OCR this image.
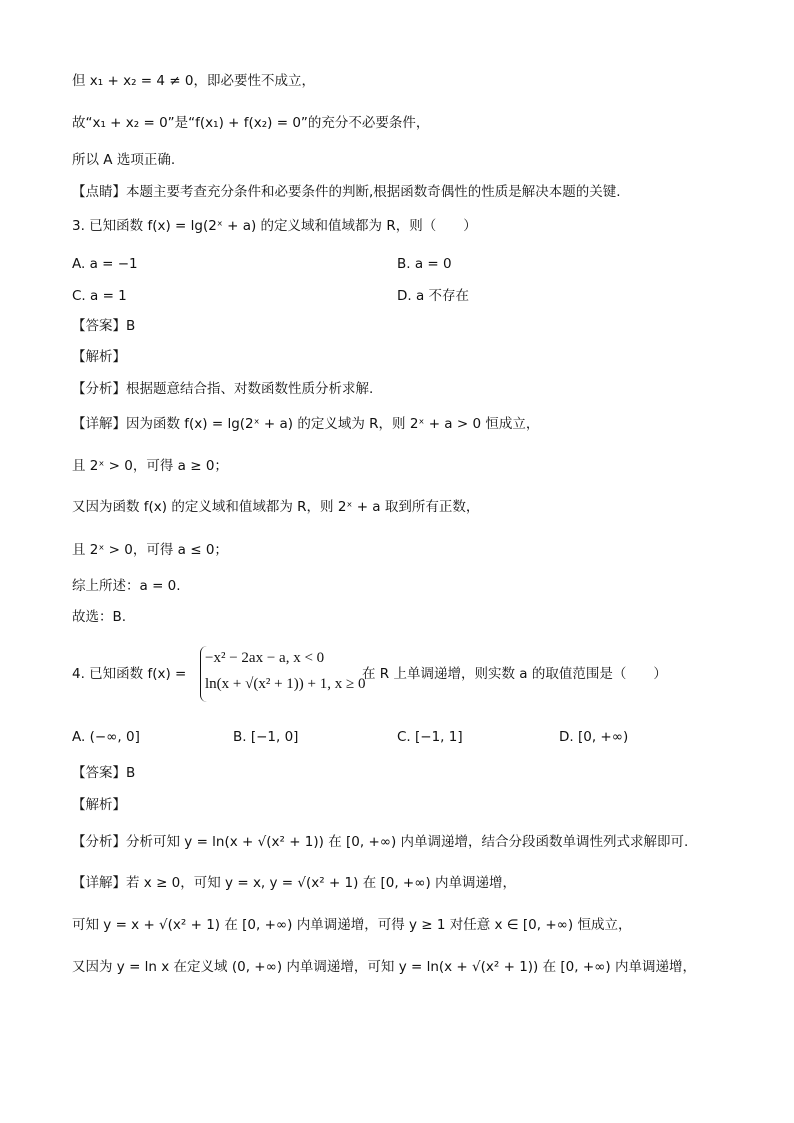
但 x₁ + x₂ = 4 ≠ 0，即必要性不成立，
故“x₁ + x₂ = 0”是“f(x₁) + f(x₂) = 0”的充分不必要条件，
所以 A 选项正确.
【点睛】本题主要考查充分条件和必要条件的判断,根据函数奇偶性的性质是解决本题的关键.
3. 已知函数 f(x) = lg(2ˣ + a) 的定义域和值域都为 R，则（　　）
A. a = −1	B. a = 0
C. a = 1	D. a 不存在
【答案】B
【解析】
【分析】根据题意结合指、对数函数性质分析求解.
【详解】因为函数 f(x) = lg(2ˣ + a) 的定义域为 R，则 2ˣ + a > 0 恒成立，
且 2ˣ > 0，可得 a ≥ 0；
又因为函数 f(x) 的定义域和值域都为 R，则 2ˣ + a 取到所有正数，
且 2ˣ > 0，可得 a ≤ 0；
综上所述：a = 0.
故选：B.
4. 已知函数 f(x) =
−x² − 2ax − a, x < 0
ln(x + √(x² + 1)) + 1, x ≥ 0
在 R 上单调递增，则实数 a 的取值范围是（　　）
A. (−∞, 0]	B. [−1, 0]	C. [−1, 1]	D. [0, +∞)
【答案】B
【解析】
【分析】分析可知 y = ln(x + √(x² + 1)) 在 [0, +∞) 内单调递增，结合分段函数单调性列式求解即可.
【详解】若 x ≥ 0，可知 y = x, y = √(x² + 1) 在 [0, +∞) 内单调递增，
可知 y = x + √(x² + 1) 在 [0, +∞) 内单调递增，可得 y ≥ 1 对任意 x ∈ [0, +∞) 恒成立，
又因为 y = ln x 在定义域 (0, +∞) 内单调递增，可知 y = ln(x + √(x² + 1)) 在 [0, +∞) 内单调递增，
